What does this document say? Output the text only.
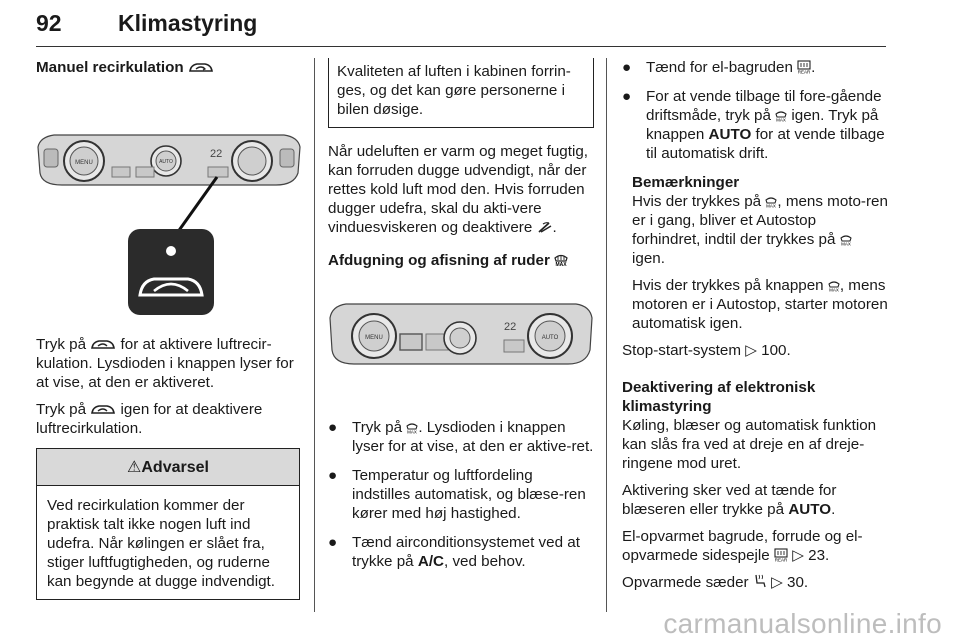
92 Klimastyring

Manuel recirkulation

MENU	AUTO
22

Tryk på for at aktivere luftrecir-kulation. Lysdioden i knappen lyser for at vise, at den er aktiveret.

Tryk på igen for at deaktivere luftrecirkulation.

⚠Advarsel
Ved recirkulation kommer der praktisk talt ikke nogen luft ind udefra. Når kølingen er slået fra, stiger luftfugtigheden, og ruderne kan begynde at dugge indvendigt.
Kvaliteten af luften i kabinen forrin-ges, og det kan gøre personerne i bilen døsige.

Når udeluften er varm og meget fugtig, kan forruden dugge udvendigt, når der rettes kold luft mod den. Hvis forruden dugger udefra, skal du akti-vere vinduesviskeren og deaktivere .

Afdugning og afisning af ruder MAX

MENU
22
AUTO
● Tryk på MAX . Lysdioden i knappen lyser for at vise, at den er aktive-ret.
● Temperatur og luftfordeling indstilles automatisk, og blæse-ren kører med høj hastighed.
● Tænd airconditionsystemet ved at trykke på A/C, ved behov.
● Tænd for el-bagruden REAR .
● For at vende tilbage til fore-gående driftsmåde, tryk på MAX igen. Tryk på knappen AUTO for at vende tilbage til automatisk drift.

Bemærkninger

Hvis der trykkes på MAX , mens moto-ren er i gang, bliver et Autostop forhindret, indtil der trykkes på MAX
igen.

Hvis der trykkes på knappen MAX , mens motoren er i Autostop, starter motoren automatisk igen.

Stop-start-system ▷ 100.

Deaktivering af elektronisk klimastyring

Køling, blæser og automatisk funktion kan slås fra ved at dreje en af dreje-ringene mod uret.

Aktivering sker ved at tænde for blæseren eller trykke på AUTO.

El-opvarmet bagrude, forrude og el-opvarmede sidespejle REAR ▷ 23.

Opvarmede sæder ▷ 30.

carmanualsonline.info
